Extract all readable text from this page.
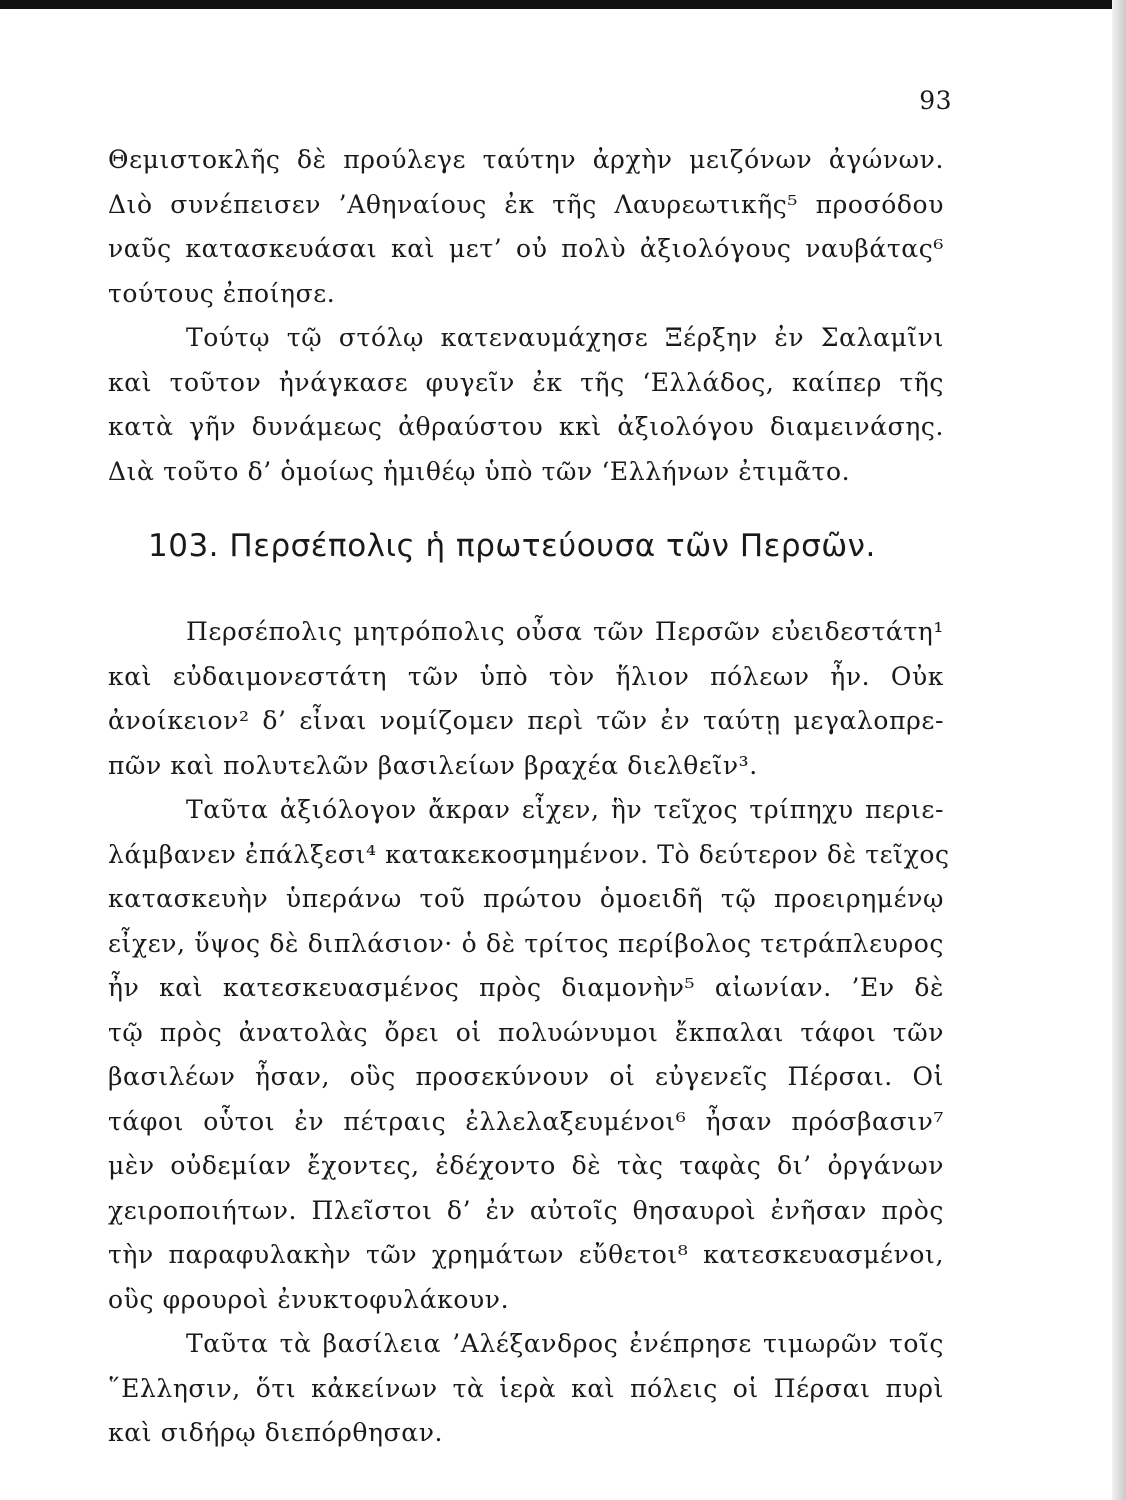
93
Θεμιστοκλῆς δὲ προύλεγε ταύτην ἀρχὴν μειζόνων ἀγώνων.
Διὸ συνέπεισεν ’Αθηναίους ἐκ τῆς Λαυρεωτικῆς⁵ προσόδου
ναῦς κατασκευάσαι καὶ μετ’ οὐ πολὺ ἀξιολόγους ναυβάτας⁶
τούτους ἐποίησε.
Τούτῳ τῷ στόλῳ κατεναυμάχησε Ξέρξην ἐν Σαλαμῖνι
καὶ τοῦτον ἠνάγκασε φυγεῖν ἐκ τῆς ‘Ελλάδος, καίπερ τῆς
κατὰ γῆν δυνάμεως ἀθραύστου κκὶ ἀξιολόγου διαμεινάσης.
Διὰ τοῦτο δ’ ὁμοίως ἡμιθέῳ ὑπὸ τῶν ‘Ελλήνων ἐτιμᾶτο.
103. Περσέπολις ἡ πρωτεύουσα τῶν Περσῶν.
Περσέπολις μητρόπολις οὖσα τῶν Περσῶν εὐειδεστάτη¹
καὶ εὐδαιμονεστάτη τῶν ὑπὸ τὸν ἥλιον πόλεων ἦν. Οὐκ
ἀνοίκειον² δ’ εἶναι νομίζομεν περὶ τῶν ἐν ταύτῃ μεγαλοπρε-
πῶν καὶ πολυτελῶν βασιλείων βραχέα διελθεῖν³.
Ταῦτα ἀξιόλογον ἄκραν εἶχεν, ἣν τεῖχος τρίπηχυ περιε-
λάμβανεν ἐπάλξεσι⁴ κατακεκοσμημένον. Τὸ δεύτερον δὲ τεῖχος
κατασκευὴν ὑπεράνω τοῦ πρώτου ὁμοειδῆ τῷ προειρημένῳ
εἶχεν, ὕψος δὲ διπλάσιον· ὁ δὲ τρίτος περίβολος τετράπλευρος
ἦν καὶ κατεσκευασμένος πρὸς διαμονὴν⁵ αἰωνίαν. ’Εν δὲ
τῷ πρὸς ἀνατολὰς ὄρει οἱ πολυώνυμοι ἔκπαλαι τάφοι τῶν
βασιλέων ἦσαν, οὓς προσεκύνουν οἱ εὐγενεῖς Πέρσαι. Οἱ
τάφοι οὗτοι ἐν πέτραις ἐλλελαξευμένοι⁶ ἦσαν πρόσβασιν⁷
μὲν οὐδεμίαν ἔχοντες, ἐδέχοντο δὲ τὰς ταφὰς δι’ ὀργάνων
χειροποιήτων. Πλεῖστοι δ’ ἐν αὐτοῖς θησαυροὶ ἐνῆσαν πρὸς
τὴν παραφυλακὴν τῶν χρημάτων εὔθετοι⁸ κατεσκευασμένοι,
οὓς φρουροὶ ἐνυκτοφυλάκουν.
Ταῦτα τὰ βασίλεια ’Αλέξανδρος ἐνέπρησε τιμωρῶν τοῖς
῞Ελλησιν, ὅτι κἀκείνων τὰ ἱερὰ καὶ πόλεις οἱ Πέρσαι πυρὶ
καὶ σιδήρῳ διεπόρθησαν.
